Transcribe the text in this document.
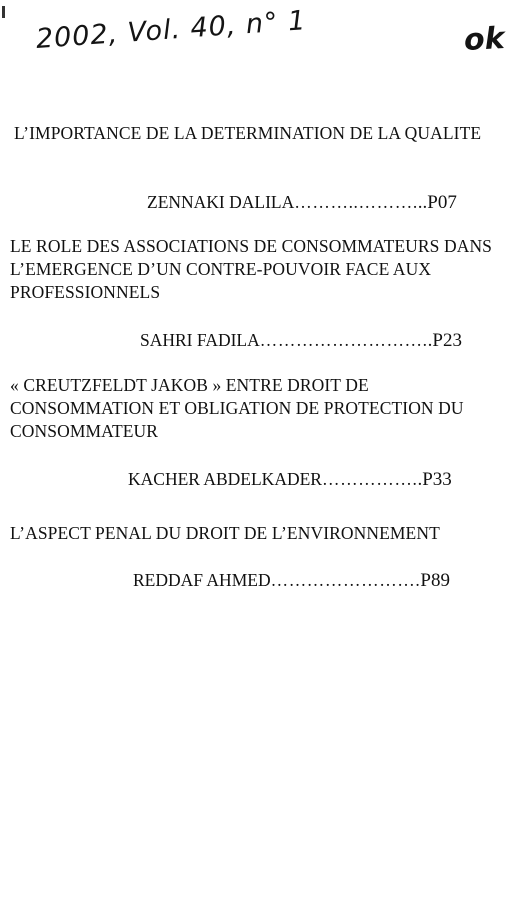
2002, Vol. 40, n° 1	ok

L’IMPORTANCE DE LA DETERMINATION DE LA QUALITE

ZENNAKI DALILA………..………...P07

LE ROLE DES ASSOCIATIONS DE CONSOMMATEURS DANS L’EMERGENCE D’UN CONTRE-POUVOIR FACE AUX PROFESSIONNELS

SAHRI FADILA………………………..P23

« CREUTZFELDT JAKOB » ENTRE DROIT DE CONSOMMATION ET OBLIGATION DE PROTECTION DU CONSOMMATEUR

KACHER ABDELKADER……………..P33

L’ASPECT PENAL DU DROIT DE L’ENVIRONNEMENT

REDDAF AHMED…………………….P89
